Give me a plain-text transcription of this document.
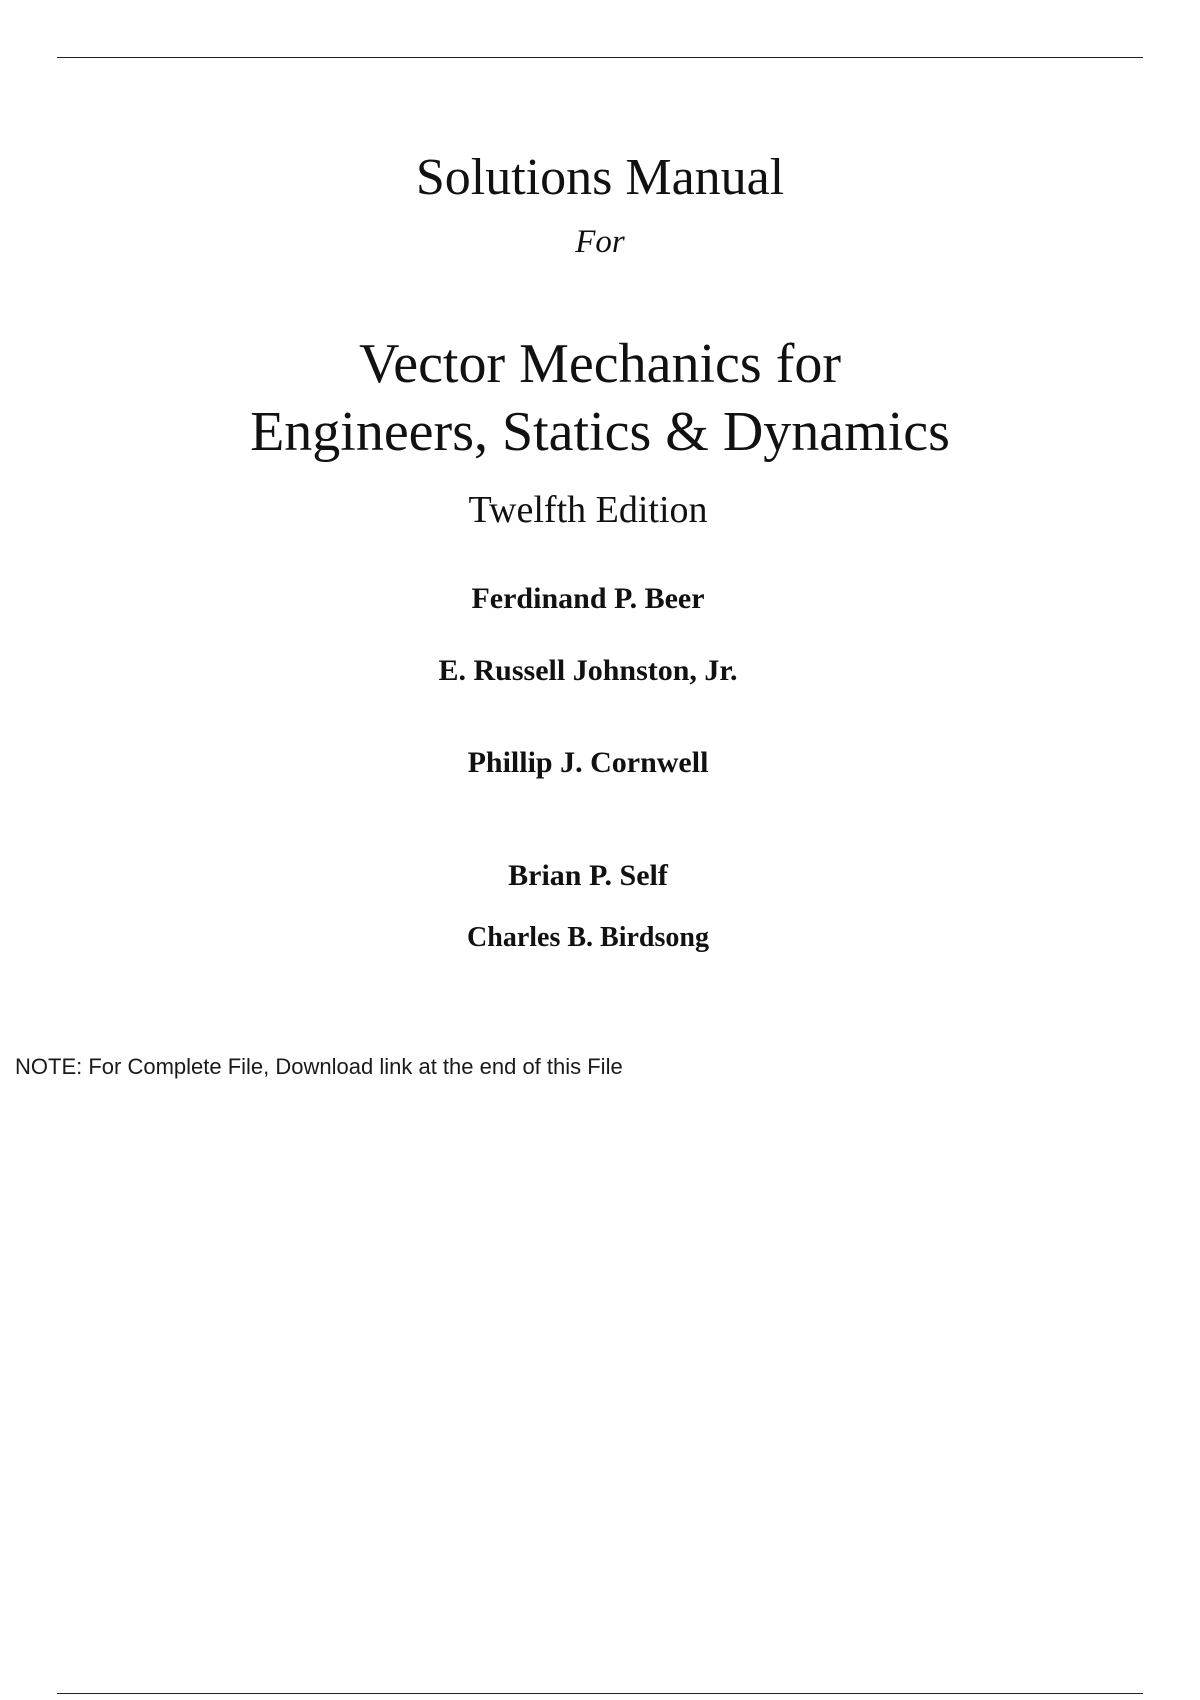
Solutions Manual
For
Vector Mechanics for
Engineers, Statics & Dynamics
Twelfth Edition
Ferdinand P. Beer
E. Russell Johnston, Jr.
Phillip J. Cornwell
Brian P. Self
Charles B. Birdsong
NOTE: For Complete File, Download link at the end of this File
